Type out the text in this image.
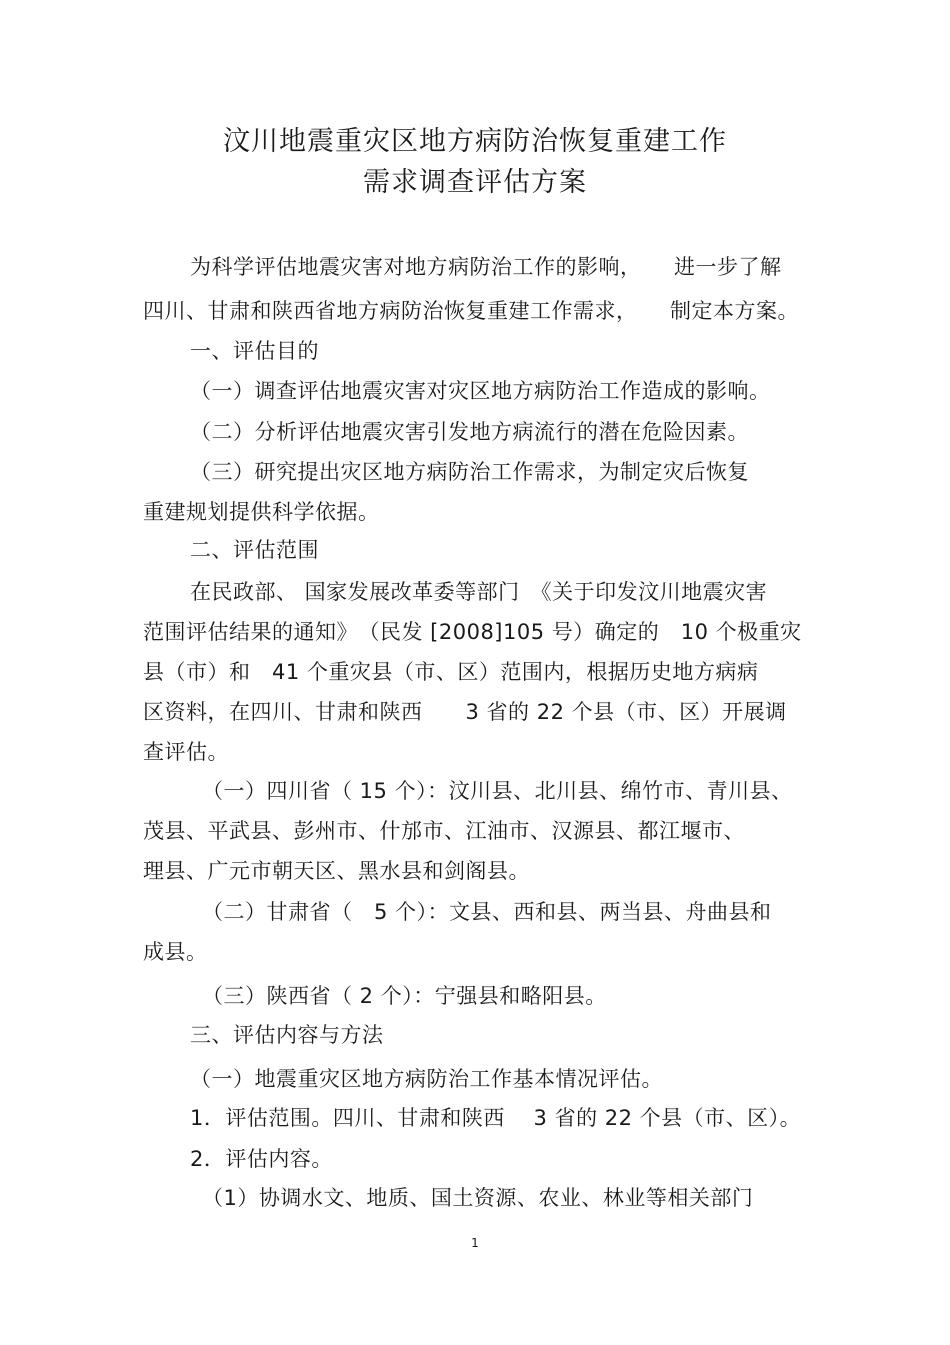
汶川地震重灾区地方病防治恢复重建工作
需求调查评估方案
为科学评估地震灾害对地方病防治工作的影响，　　进一步了解
四川、甘肃和陕西省地方病防治恢复重建工作需求，　　制定本方案。
一、评估目的
（一）调查评估地震灾害对灾区地方病防治工作造成的影响。
（二）分析评估地震灾害引发地方病流行的潜在危险因素。
（三）研究提出灾区地方病防治工作需求，为制定灾后恢复
重建规划提供科学依据。
二、评估范围
在民政部、 国家发展改革委等部门　《关于印发汶川地震灾害
范围评估结果的通知》　（民发 [2008]105 号）确定的　10 个极重灾
县（市）和　41 个重灾县（市、区）范围内，根据历史地方病病
区资料，在四川、甘肃和陕西　　3 省的 22 个县（市、区）开展调
查评估。
（一）四川省（ 15 个）：汶川县、北川县、绵竹市、青川县、
茂县、平武县、彭州市、什邡市、江油市、汉源县、都江堰市、
理县、广元市朝天区、黑水县和剑阁县。
（二）甘肃省（　5 个）：文县、西和县、两当县、舟曲县和
成县。
（三）陕西省（ 2 个）：宁强县和略阳县。
三、评估内容与方法
（一）地震重灾区地方病防治工作基本情况评估。
1．评估范围。四川、甘肃和陕西　 3 省的 22 个县（市、区）。
2．评估内容。
（1）协调水文、地质、国土资源、农业、林业等相关部门
1
